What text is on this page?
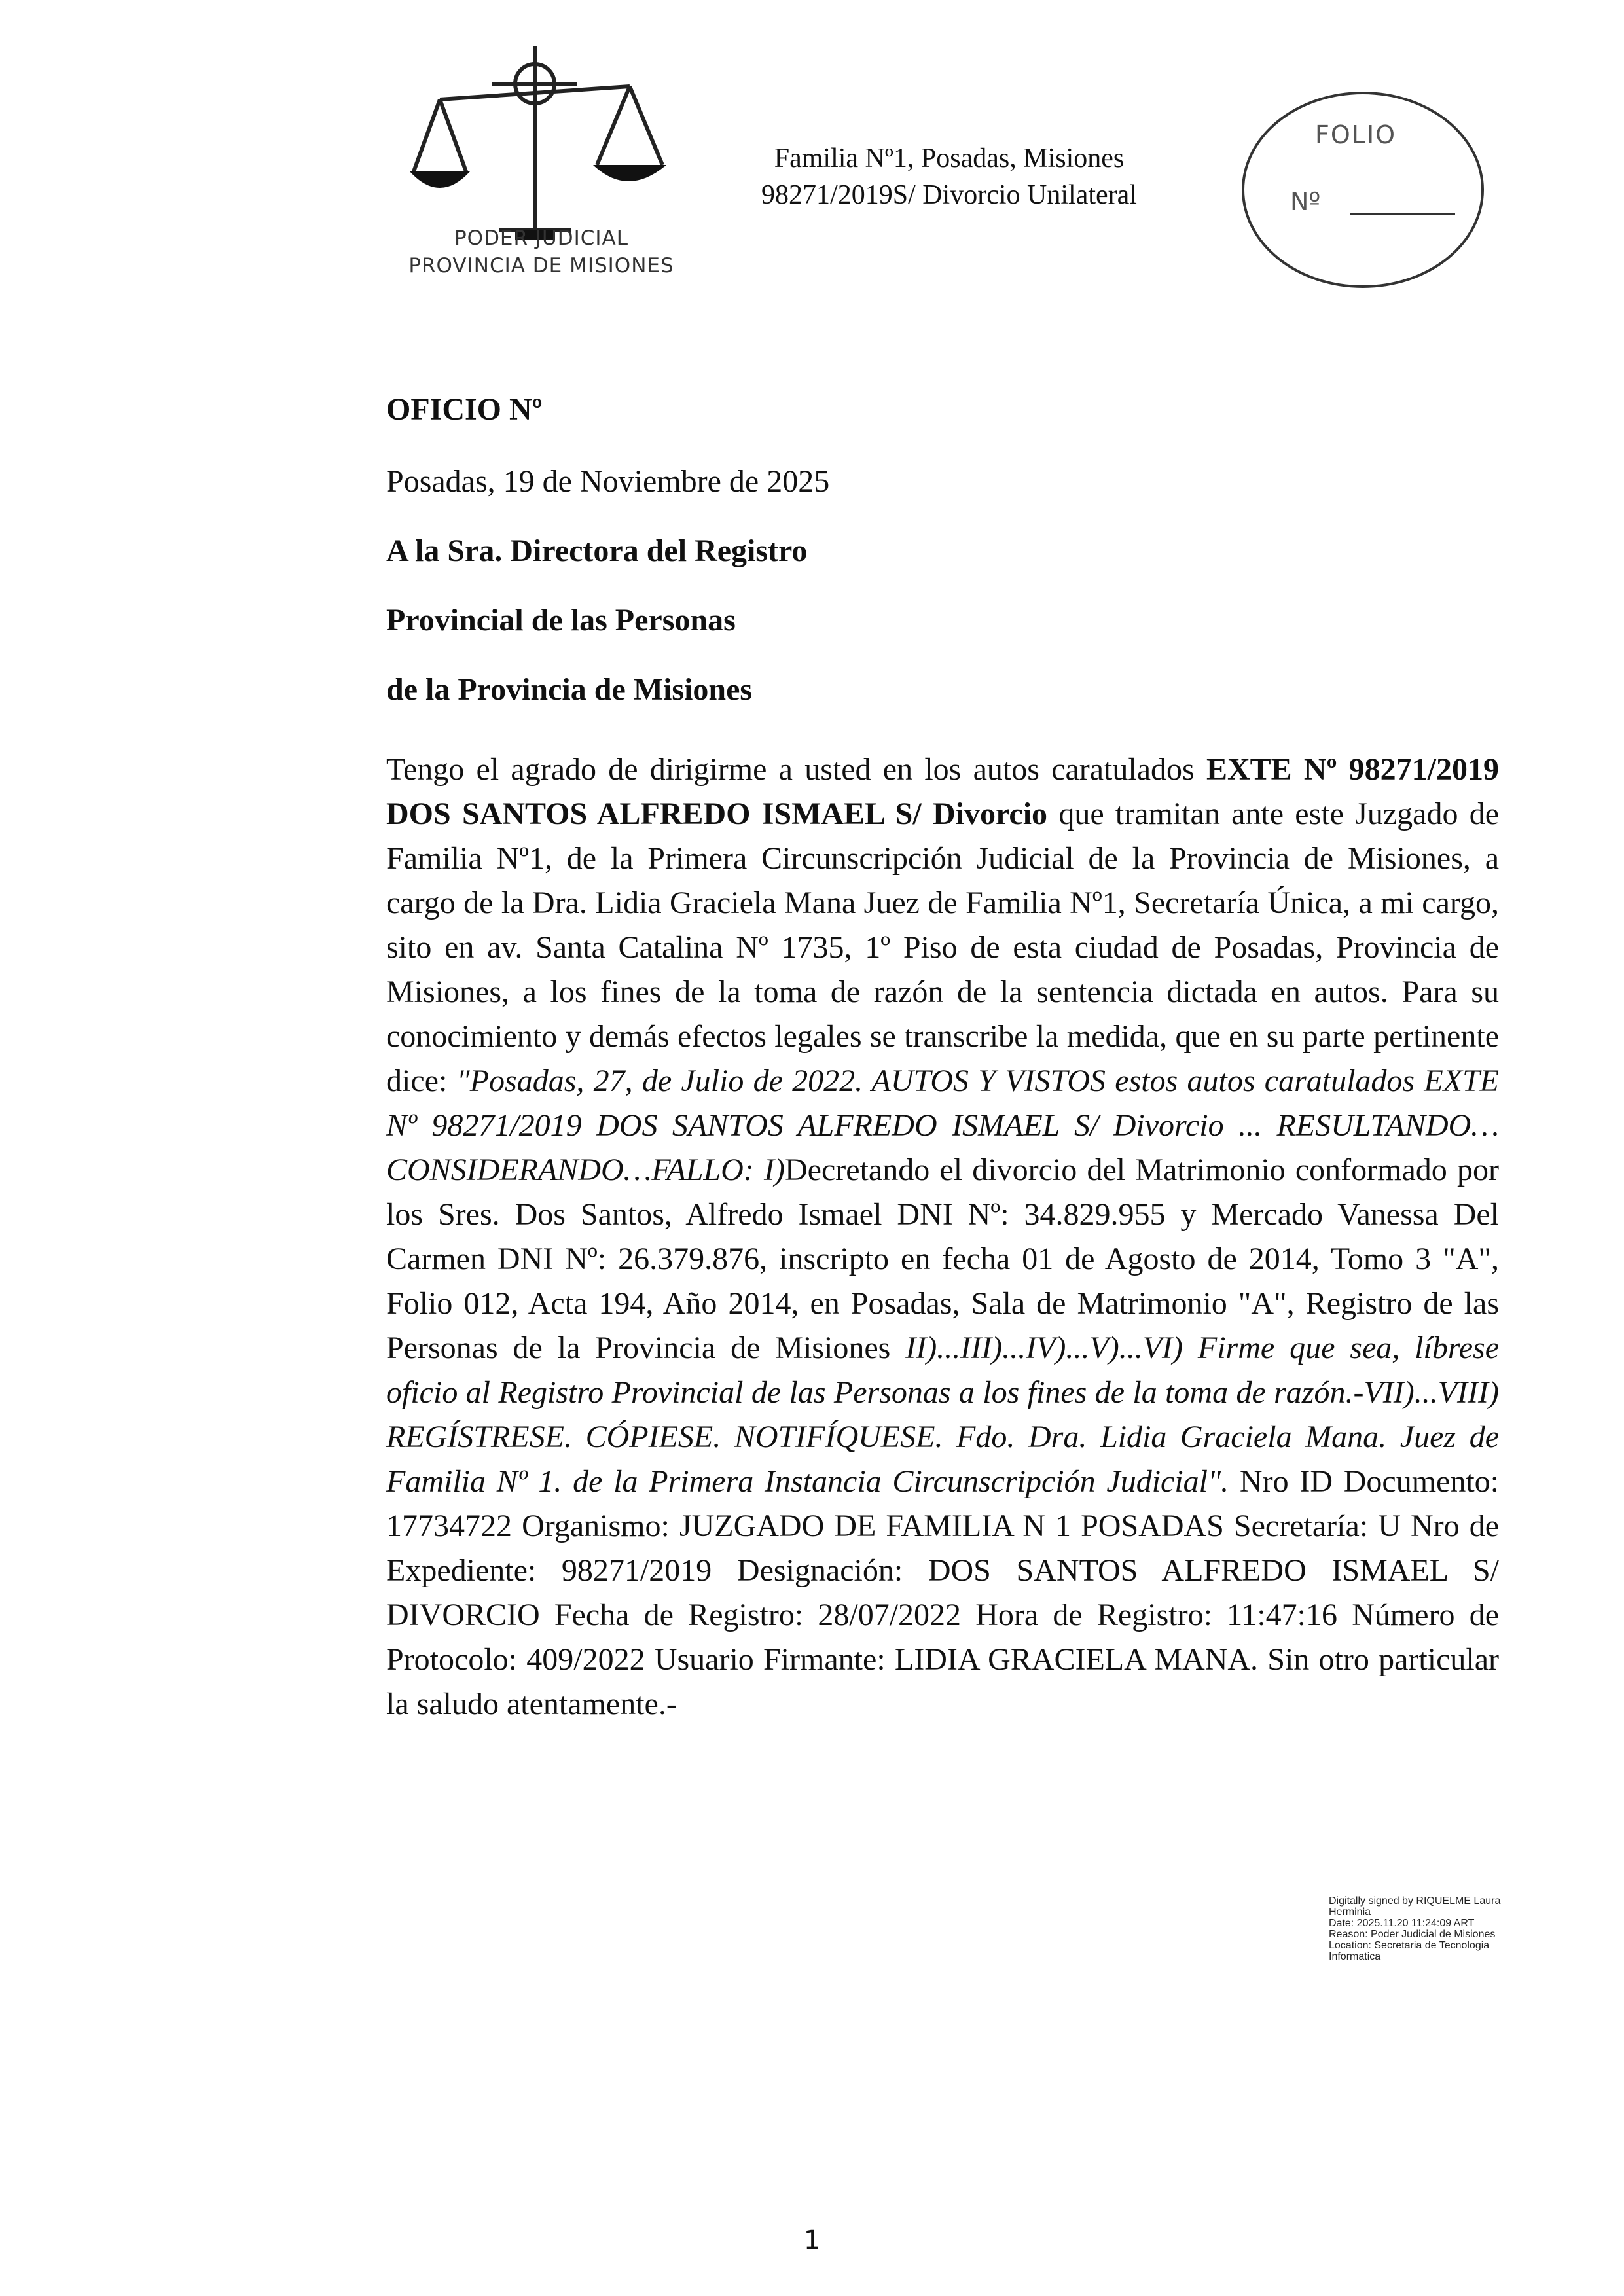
PODER JUDICIAL
PROVINCIA DE MISIONES
Familia Nº1, Posadas, Misiones
98271/2019S/ Divorcio Unilateral
FOLIO
Nº
OFICIO Nº
Posadas, 19 de Noviembre de 2025
A la Sra. Directora del Registro
Provincial de las Personas
de la Provincia de Misiones
Tengo el agrado de dirigirme a usted en los autos caratulados EXTE Nº 98271/2019 DOS SANTOS ALFREDO ISMAEL S/ Divorcio que tramitan ante este Juzgado de Familia Nº1, de la Primera Circunscripción Judicial de la Provincia de Misiones, a cargo de la Dra. Lidia Graciela Mana Juez de Familia Nº1, Secretaría Única, a mi cargo, sito en av. Santa Catalina Nº 1735, 1º Piso de esta ciudad de Posadas, Provincia de Misiones, a los fines de la toma de razón de la sentencia dictada en autos. Para su conocimiento y demás efectos legales se transcribe la medida, que en su parte pertinente dice: "Posadas, 27, de Julio de 2022. AUTOS Y VISTOS estos autos caratulados EXTE Nº 98271/2019 DOS SANTOS ALFREDO ISMAEL S/ Divorcio ... RESULTANDO…CONSIDERANDO…FALLO: I)Decretando el divorcio del Matrimonio conformado por los Sres. Dos Santos, Alfredo Ismael DNI Nº: 34.829.955 y Mercado Vanessa Del Carmen DNI Nº: 26.379.876, inscripto en fecha 01 de Agosto de 2014, Tomo 3 "A", Folio 012, Acta 194, Año 2014, en Posadas, Sala de Matrimonio "A", Registro de las Personas de la Provincia de Misiones II)...III)...IV)...V)...VI) Firme que sea, líbrese oficio al Registro Provincial de las Personas a los fines de la toma de razón.-VII)...VIII) REGÍSTRESE. CÓPIESE. NOTIFÍQUESE. Fdo. Dra. Lidia Graciela Mana. Juez de Familia Nº 1. de la Primera Instancia Circunscripción Judicial". Nro ID Documento: 17734722 Organismo: JUZGADO DE FAMILIA N 1 POSADAS Secretaría: U Nro de Expediente: 98271/2019 Designación: DOS SANTOS ALFREDO ISMAEL S/ DIVORCIO Fecha de Registro: 28/07/2022 Hora de Registro: 11:47:16 Número de Protocolo: 409/2022 Usuario Firmante: LIDIA GRACIELA MANA. Sin otro particular la saludo atentamente.-
Digitally signed by RIQUELME Laura
Herminia
Date: 2025.11.20 11:24:09 ART
Reason: Poder Judicial de Misiones
Location: Secretaria de Tecnologia
Informatica
1
